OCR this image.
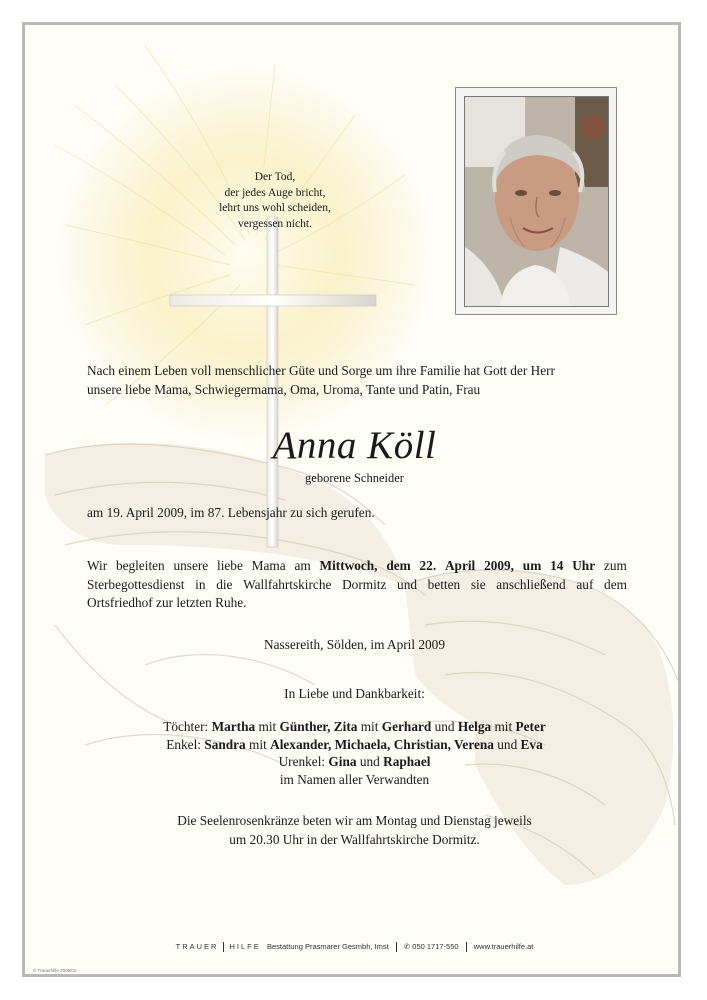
Der Tod,
der jedes Auge bricht,
lehrt uns wohl scheiden,
vergessen nicht.
Nach einem Leben voll menschlicher Güte und Sorge um ihre Familie hat Gott der Herr
unsere liebe Mama, Schwiegermama, Oma, Uroma, Tante und Patin, Frau
Anna Köll
geborene Schneider
am 19. April 2009, im 87. Lebensjahr zu sich gerufen.
Wir begleiten unsere liebe Mama am Mittwoch, dem 22. April 2009, um 14 Uhr zum
Sterbegottesdienst in die Wallfahrtskirche Dormitz und betten sie anschließend auf dem
Ortsfriedhof zur letzten Ruhe.
Nassereith, Sölden, im April 2009
In Liebe und Dankbarkeit:
Töchter: Martha mit Günther, Zita mit Gerhard und Helga mit Peter
Enkel: Sandra mit Alexander, Michaela, Christian, Verena und Eva
Urenkel: Gina und Raphael
im Namen aller Verwandten
Die Seelenrosenkränze beten wir am Montag und Dienstag jeweils
um 20.30 Uhr in der Wallfahrtskirche Dormitz.
TRAUER HILFE Bestattung Prasmarer Gesmbh, Imst ✆ 050 1717-550 www.trauerhilfe.at
© Trauerhilfe 2009/02
